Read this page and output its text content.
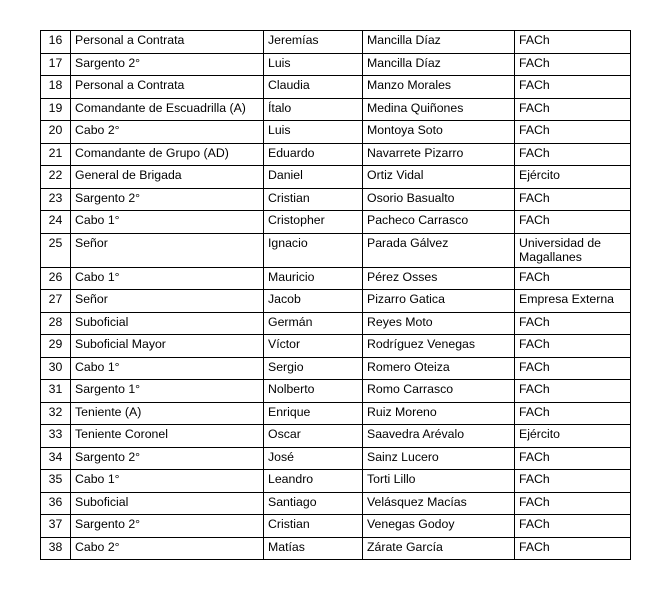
16	Personal a Contrata	Jeremías	Mancilla Díaz	FACh
17	Sargento 2°	Luis	Mancilla Díaz	FACh
18	Personal a Contrata	Claudia	Manzo Morales	FACh
19	Comandante de Escuadrilla (A)	Ítalo	Medina Quiñones	FACh
20	Cabo 2°	Luis	Montoya Soto	FACh
21	Comandante de Grupo (AD)	Eduardo	Navarrete Pizarro	FACh
22	General de Brigada	Daniel	Ortiz Vidal	Ejército
23	Sargento 2°	Cristian	Osorio Basualto	FACh
24	Cabo 1°	Cristopher	Pacheco Carrasco	FACh
25	Señor	Ignacio	Parada Gálvez	Universidad de Magallanes
26	Cabo 1°	Mauricio	Pérez Osses	FACh
27	Señor	Jacob	Pizarro Gatica	Empresa Externa
28	Suboficial	Germán	Reyes Moto	FACh
29	Suboficial Mayor	Víctor	Rodríguez Venegas	FACh
30	Cabo 1°	Sergio	Romero Oteiza	FACh
31	Sargento 1°	Nolberto	Romo Carrasco	FACh
32	Teniente (A)	Enrique	Ruiz Moreno	FACh
33	Teniente Coronel	Oscar	Saavedra Arévalo	Ejército
34	Sargento 2°	José	Sainz Lucero	FACh
35	Cabo 1°	Leandro	Torti Lillo	FACh
36	Suboficial	Santiago	Velásquez Macías	FACh
37	Sargento 2°	Cristian	Venegas Godoy	FACh
38	Cabo 2°	Matías	Zárate García	FACh
